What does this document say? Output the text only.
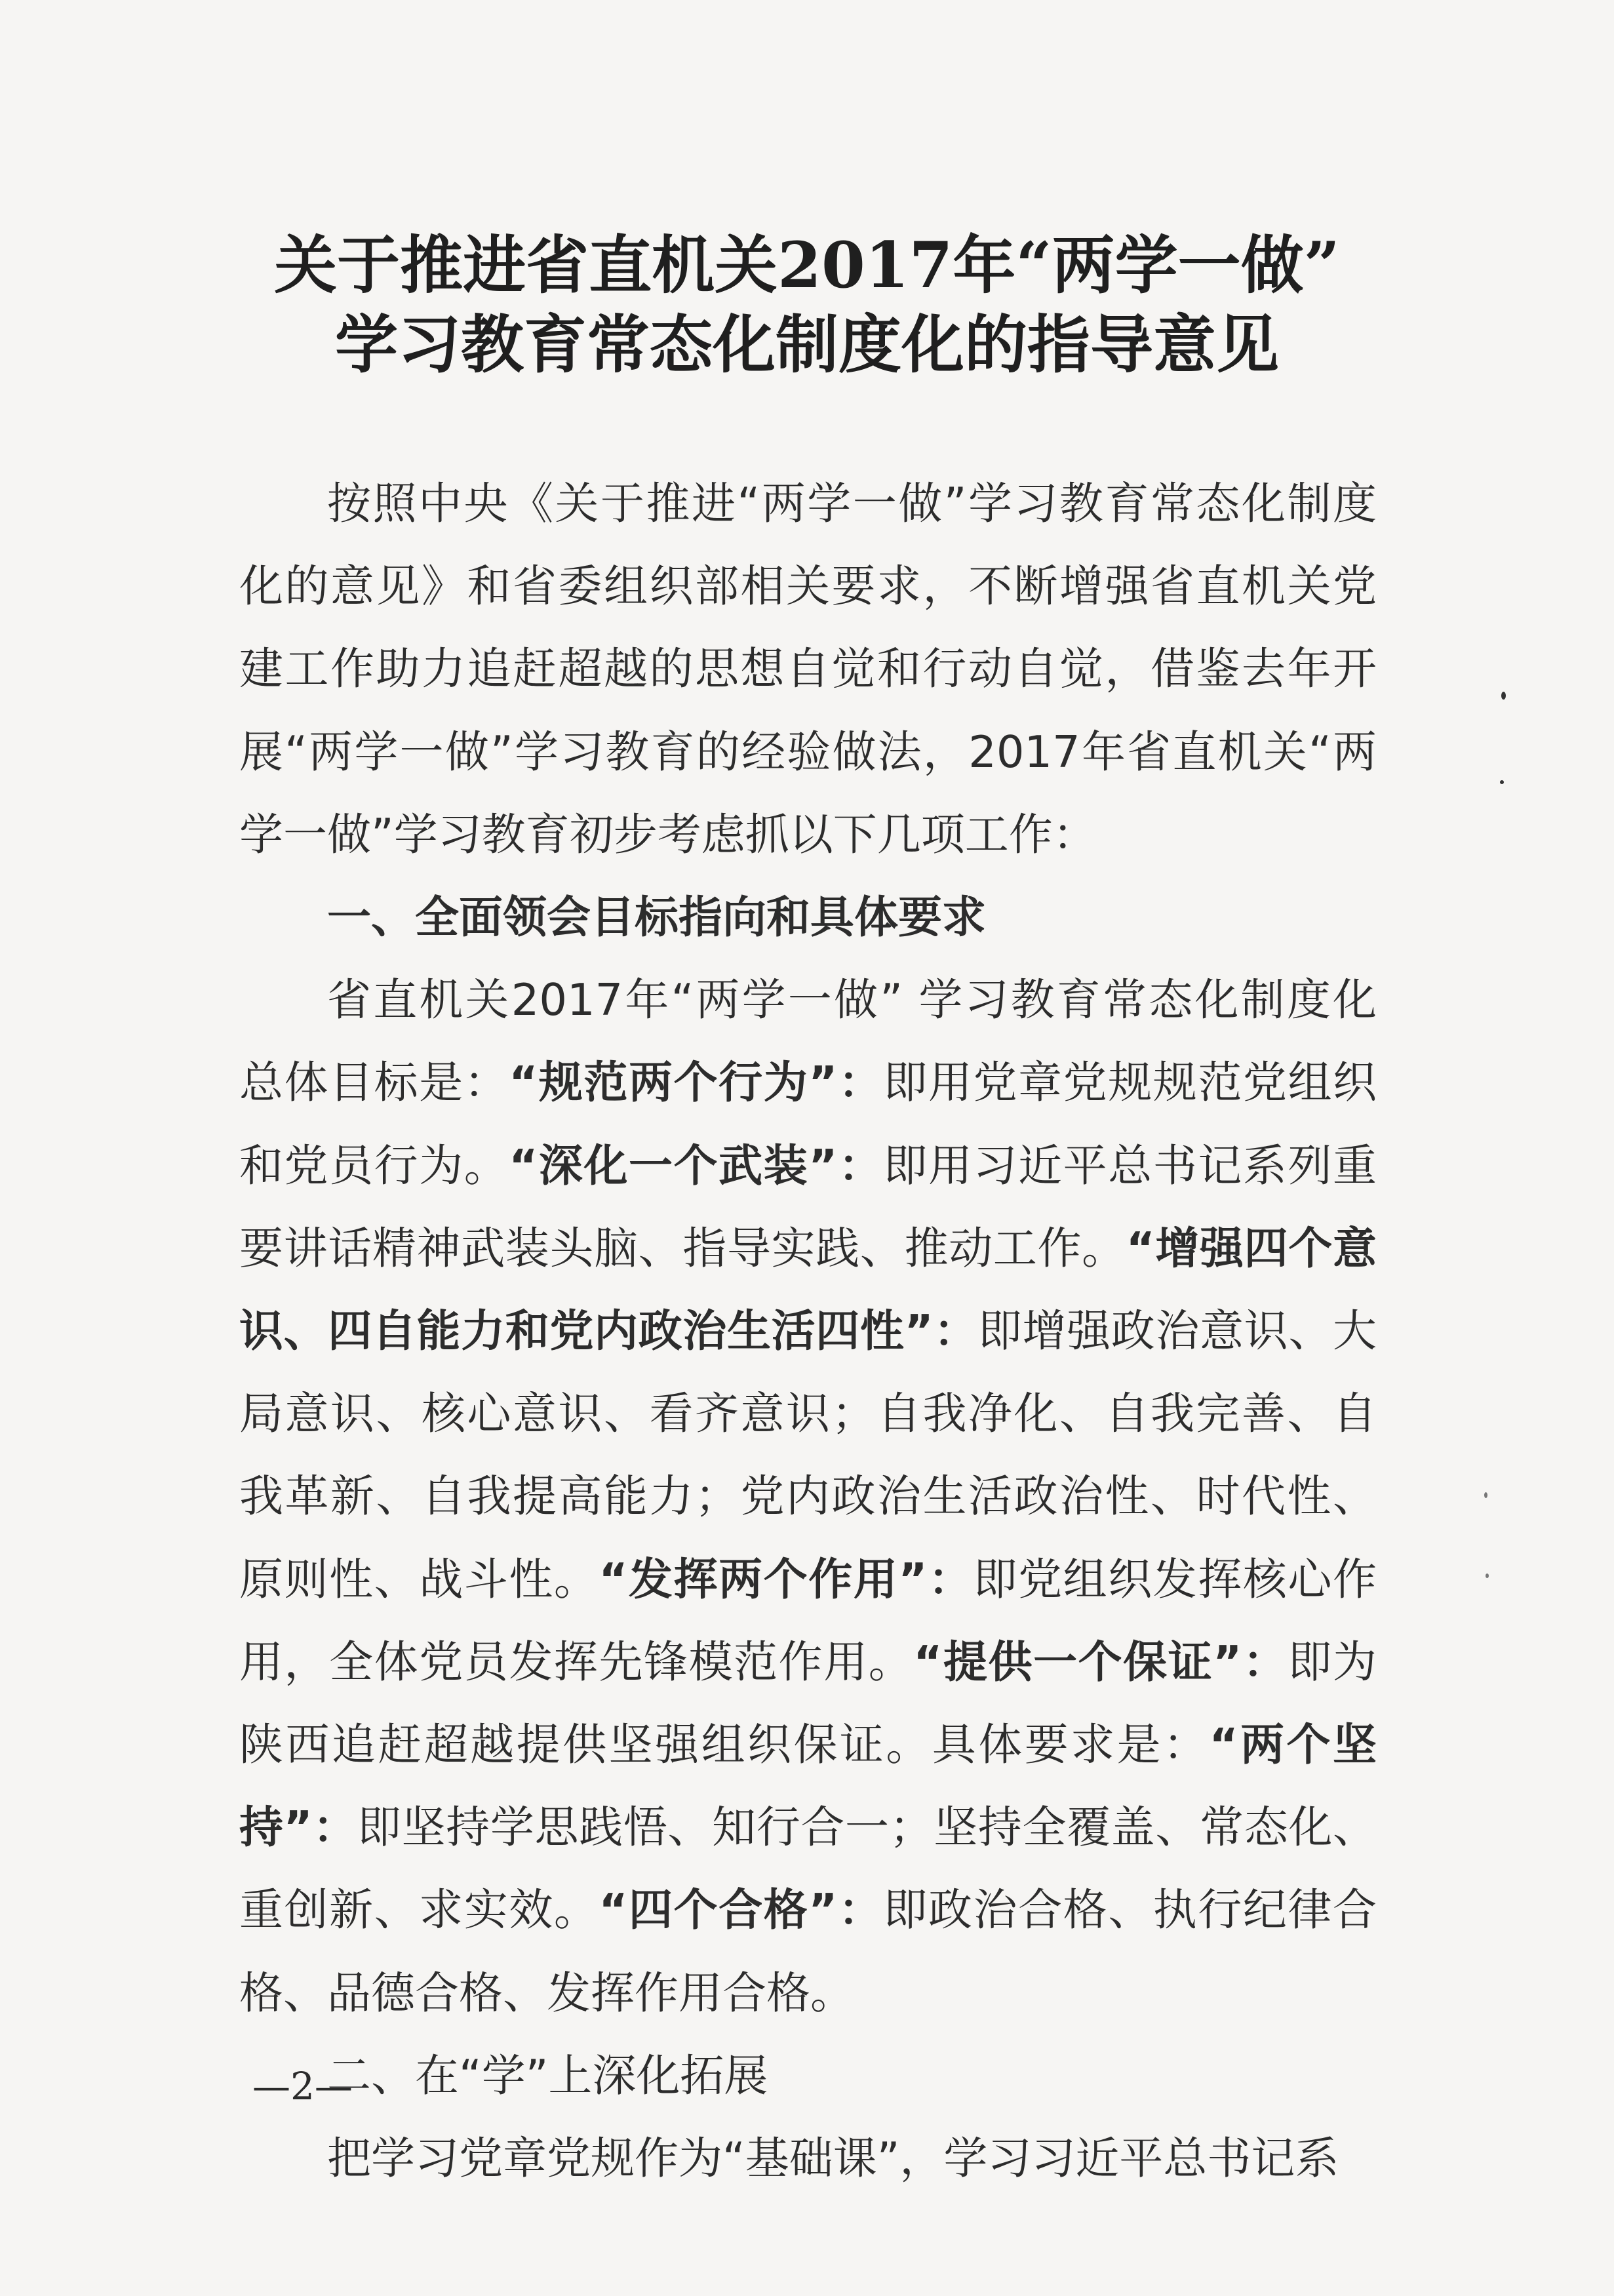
关于推进省直机关2017年“两学一做”
学习教育常态化制度化的指导意见

按照中央《关于推进“两学一做”学习教育常态化制度化的意见》和省委组织部相关要求，不断增强省直机关党建工作助力追赶超越的思想自觉和行动自觉，借鉴去年开展“两学一做”学习教育的经验做法，2017年省直机关“两学一做”学习教育初步考虑抓以下几项工作：

一、全面领会目标指向和具体要求

省直机关2017年“两学一做” 学习教育常态化制度化总体目标是：“规范两个行为”：即用党章党规规范党组织和党员行为。“深化一个武装”：即用习近平总书记系列重要讲话精神武装头脑、指导实践、推动工作。“增强四个意识、四自能力和党内政治生活四性”：即增强政治意识、大局意识、核心意识、看齐意识；自我净化、自我完善、自我革新、自我提高能力；党内政治生活政治性、时代性、原则性、战斗性。“发挥两个作用”：即党组织发挥核心作用，全体党员发挥先锋模范作用。“提供一个保证”：即为陕西追赶超越提供坚强组织保证。具体要求是：“两个坚持”：即坚持学思践悟、知行合一；坚持全覆盖、常态化、重创新、求实效。“四个合格”：即政治合格、执行纪律合格、品德合格、发挥作用合格。

二、在“学”上深化拓展

把学习党章党规作为“基础课”，学习习近平总书记系

—2—
